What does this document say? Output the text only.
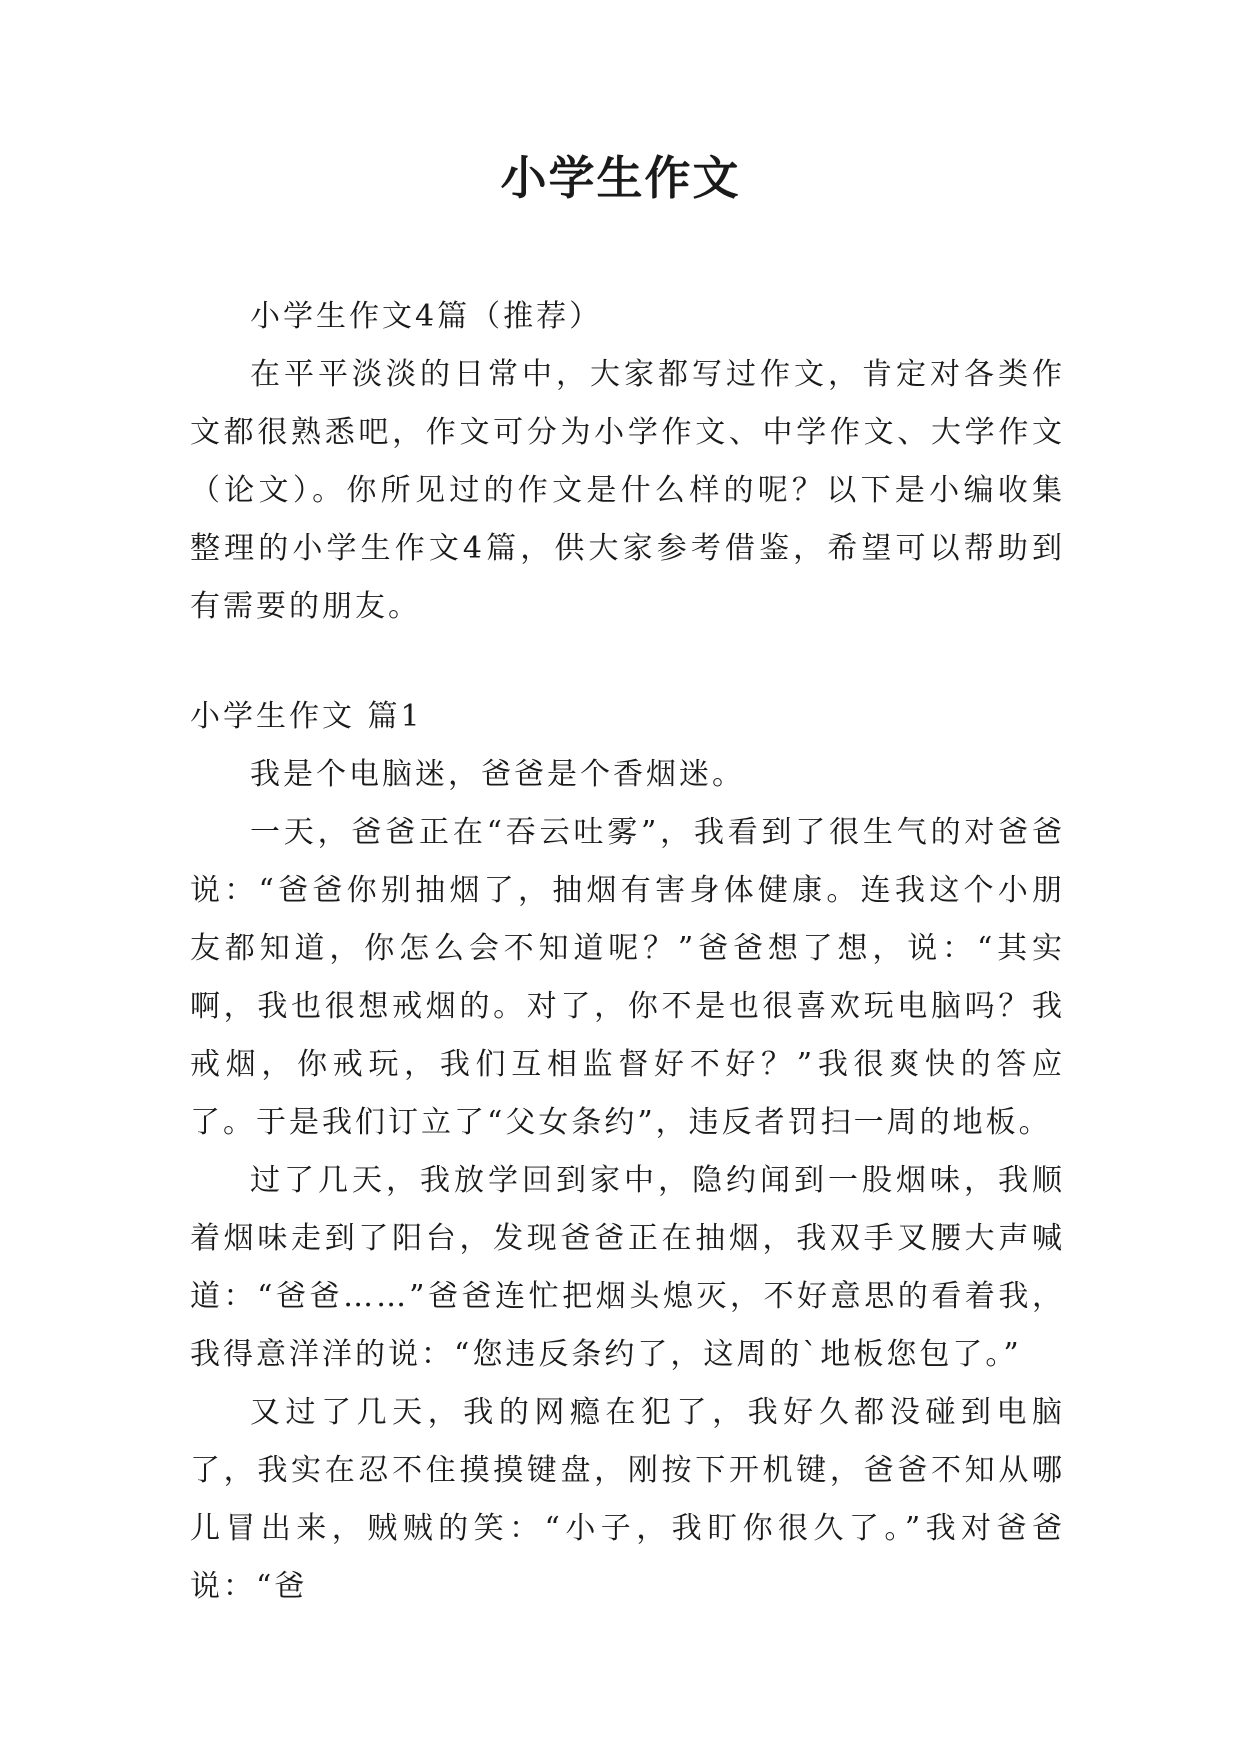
小学生作文

小学生作文4篇（推荐）

在平平淡淡的日常中，大家都写过作文，肯定对各类作文都很熟悉吧，作文可分为小学作文、中学作文、大学作文（论文）。你所见过的作文是什么样的呢？以下是小编收集整理的小学生作文4篇，供大家参考借鉴，希望可以帮助到有需要的朋友。

小学生作文 篇1

我是个电脑迷，爸爸是个香烟迷。

一天，爸爸正在“吞云吐雾”，我看到了很生气的对爸爸说：“爸爸你别抽烟了，抽烟有害身体健康。连我这个小朋友都知道，你怎么会不知道呢？”爸爸想了想，说：“其实啊，我也很想戒烟的。对了，你不是也很喜欢玩电脑吗？我戒烟，你戒玩，我们互相监督好不好？”我很爽快的答应了。于是我们订立了“父女条约”，违反者罚扫一周的地板。

过了几天，我放学回到家中，隐约闻到一股烟味，我顺着烟味走到了阳台，发现爸爸正在抽烟，我双手叉腰大声喊道：“爸爸……”爸爸连忙把烟头熄灭，不好意思的看着我，我得意洋洋的说：“您违反条约了，这周的`地板您包了。”

又过了几天，我的网瘾在犯了，我好久都没碰到电脑了，我实在忍不住摸摸键盘，刚按下开机键，爸爸不知从哪儿冒出来，贼贼的笑：“小子，我盯你很久了。”我对爸爸说：“爸
